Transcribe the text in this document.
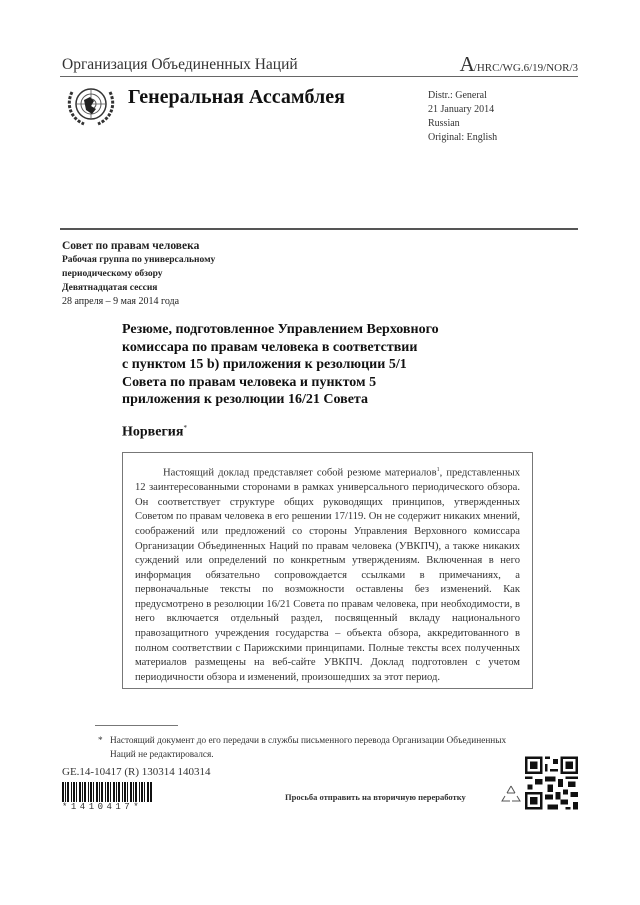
Организация Объединенных Наций	A/HRC/WG.6/19/NOR/3
Генеральная Ассамблея	Distr.: General
21 January 2014
Russian
Original: English
Совет по правам человека
Рабочая группа по универсальному
периодическому обзору
Девятнадцатая сессия
28 апреля – 9 мая 2014 года
Резюме, подготовленное Управлением Верховного
комиссара по правам человека в соответствии
с пунктом 15 b) приложения к резолюции 5/1
Совета по правам человека и пунктом 5
приложения к резолюции 16/21 Совета
Норвегия*

Настоящий доклад представляет собой резюме материалов$^1$, представленных 12 заинтересованными сторонами в рамках универсального периодического обзора. Он соответствует структуре общих руководящих принципов, утвержденных Советом по правам человека в его решении 17/119. Он не содержит никаких мнений, соображений или предложений со стороны Управления Верховного комиссара Организации Объединенных Наций по правам человека (УВКПЧ), а также никаких суждений или определений по конкретным утверждениям. Включенная в него информация обязательно сопровождается ссылками в примечаниях, а первоначальные тексты по возможности оставлены без изменений. Как предусмотрено в резолюции 16/21 Совета по правам человека, при необходимости, в него включается отдельный раздел, посвященный вкладу национального правозащитного учреждения государства – объекта обзора, аккредитованного в полном соответствии с Парижскими принципами. Полные тексты всех полученных материалов размещены на веб-сайте УВКПЧ. Доклад подготовлен с учетом периодичности обзора и изменений, произошедших за этот период.

* Настоящий документ до его передачи в службы письменного перевода Организации Объединенных Наций не редактировался.
GE.14-10417 (R) 130314 140314
*1410417*
Просьба отправить на вторичную переработку
